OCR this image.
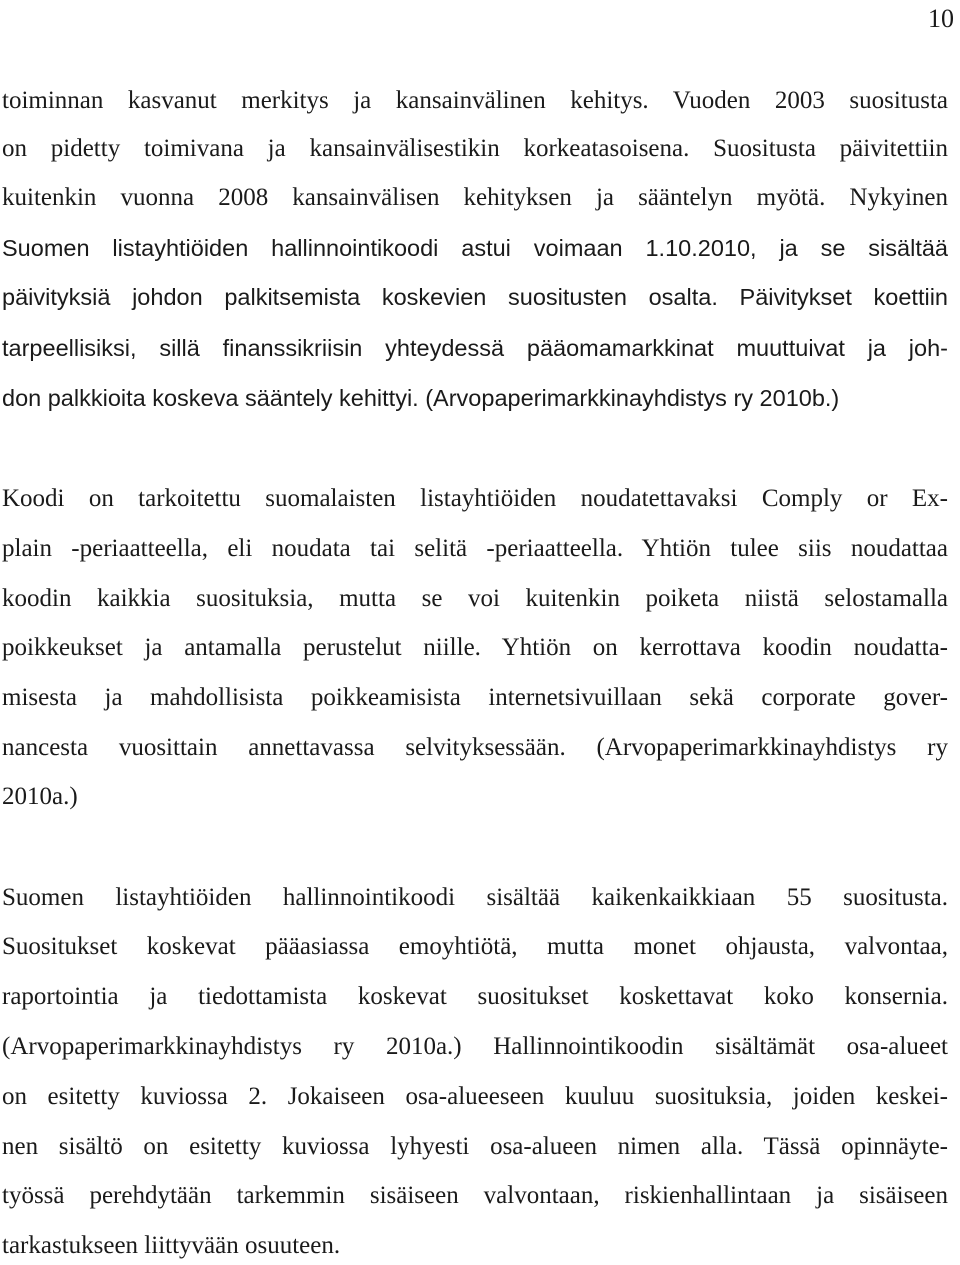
10
toiminnan kasvanut merkitys ja kansainvälinen kehitys. Vuoden 2003 suositusta
on pidetty toimivana ja kansainvälisestikin korkeatasoisena. Suositusta päivitettiin
kuitenkin vuonna 2008 kansainvälisen kehityksen ja sääntelyn myötä. Nykyinen
Suomen listayhtiöiden hallinnointikoodi astui voimaan 1.10.2010, ja se sisältää
päivityksiä johdon palkitsemista koskevien suositusten osalta. Päivitykset koettiin
tarpeellisiksi, sillä finanssikriisin yhteydessä pääomamarkkinat muuttuivat ja joh-
don palkkioita koskeva sääntely kehittyi. (Arvopaperimarkkinayhdistys ry 2010b.)
Koodi on tarkoitettu suomalaisten listayhtiöiden noudatettavaksi Comply or Ex-
plain -periaatteella, eli noudata tai selitä -periaatteella. Yhtiön tulee siis noudattaa
koodin kaikkia suosituksia, mutta se voi kuitenkin poiketa niistä selostamalla
poikkeukset ja antamalla perustelut niille. Yhtiön on kerrottava koodin noudatta-
misesta ja mahdollisista poikkeamisista internetsivuillaan sekä corporate gover-
nancesta vuosittain annettavassa selvityksessään. (Arvopaperimarkkinayhdistys ry
2010a.)
Suomen listayhtiöiden hallinnointikoodi sisältää kaikenkaikkiaan 55 suositusta.
Suositukset koskevat pääasiassa emoyhtiötä, mutta monet ohjausta, valvontaa,
raportointia ja tiedottamista koskevat suositukset koskettavat koko konsernia.
(Arvopaperimarkkinayhdistys ry 2010a.) Hallinnointikoodin sisältämät osa-alueet
on esitetty kuviossa 2. Jokaiseen osa-alueeseen kuuluu suosituksia, joiden keskei-
nen sisältö on esitetty kuviossa lyhyesti osa-alueen nimen alla. Tässä opinnäyte-
työssä perehdytään tarkemmin sisäiseen valvontaan, riskienhallintaan ja sisäiseen
tarkastukseen liittyvään osuuteen.
